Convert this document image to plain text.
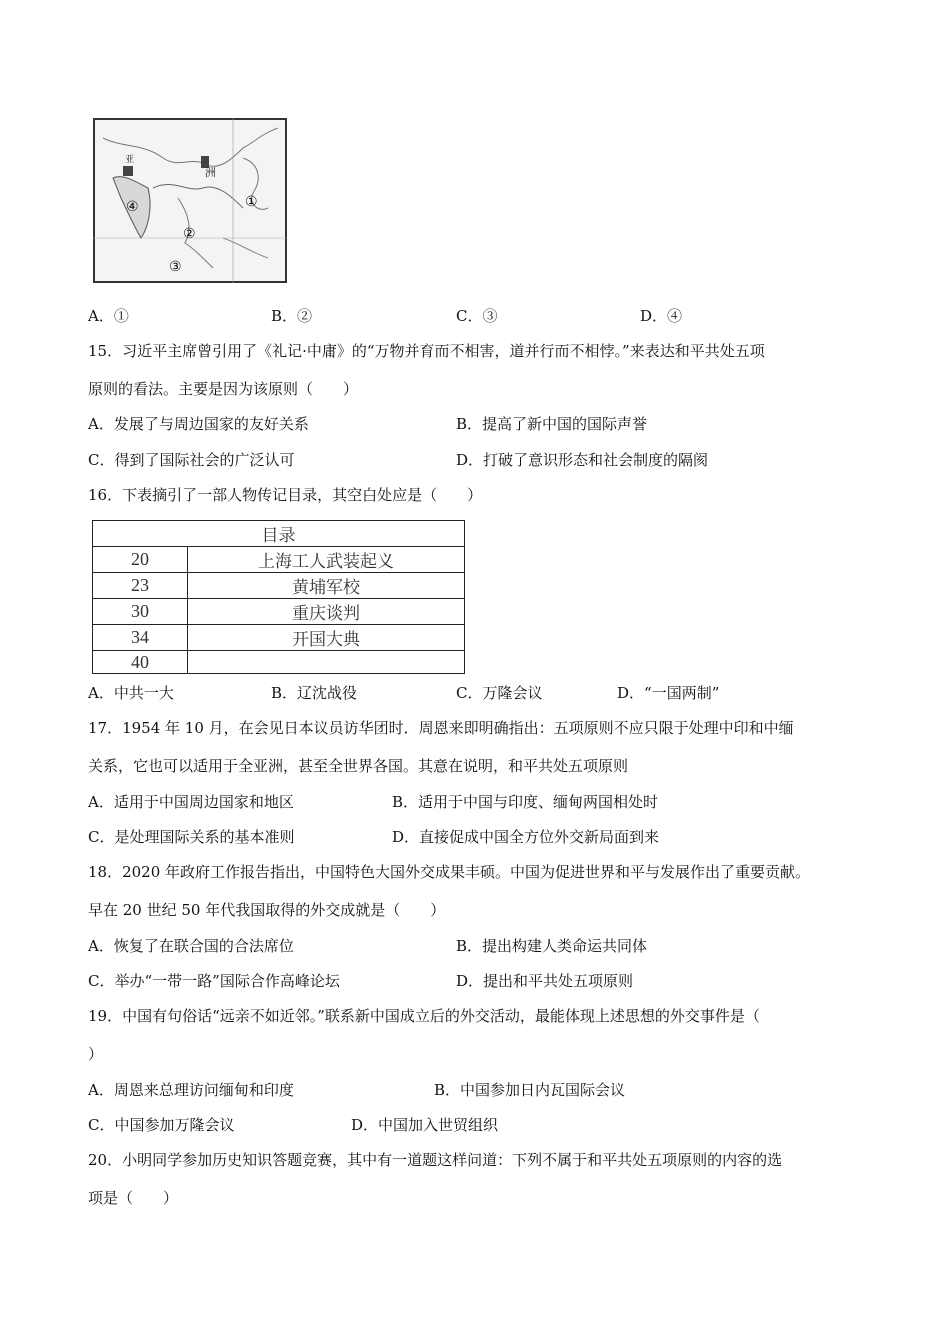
洲
亚
①
②
③
④
A．①	B．②	C．③	D．④
15．习近平主席曾引用了《礼记·中庸》的“万物并育而不相害，道并行而不相悖。”来表达和平共处五项
原则的看法。主要是因为该原则（　　）
A．发展了与周边国家的友好关系	B．提高了新中国的国际声誉
C．得到了国际社会的广泛认可	D．打破了意识形态和社会制度的隔阂
16．下表摘引了一部人物传记目录，其空白处应是（　　）
目录	
20	上海工人武装起义
23	黄埔军校
30	重庆谈判
34	开国大典
40	
A．中共一大	B．辽沈战役	C．万隆会议	D．“一国两制”
17．1954 年 10 月，在会见日本议员访华团时．周恩来即明确指出：五项原则不应只限于处理中印和中缅
关系，它也可以适用于全亚洲，甚至全世界各国。其意在说明，和平共处五项原则
A．适用于中国周边国家和地区	B．适用于中国与印度、缅甸两国相处时
C．是处理国际关系的基本准则	D．直接促成中国全方位外交新局面到来
18．2020 年政府工作报告指出，中国特色大国外交成果丰硕。中国为促进世界和平与发展作出了重要贡献。
早在 20 世纪 50 年代我国取得的外交成就是（　　）
A．恢复了在联合国的合法席位	B．提出构建人类命运共同体
C．举办“一带一路”国际合作高峰论坛	D．提出和平共处五项原则
19．中国有句俗话“远亲不如近邻。”联系新中国成立后的外交活动，最能体现上述思想的外交事件是（
）
A．周恩来总理访问缅甸和印度	B．中国参加日内瓦国际会议
C．中国参加万隆会议	D．中国加入世贸组织
20．小明同学参加历史知识答题竞赛，其中有一道题这样问道：下列不属于和平共处五项原则的内容的选
项是（　　）
